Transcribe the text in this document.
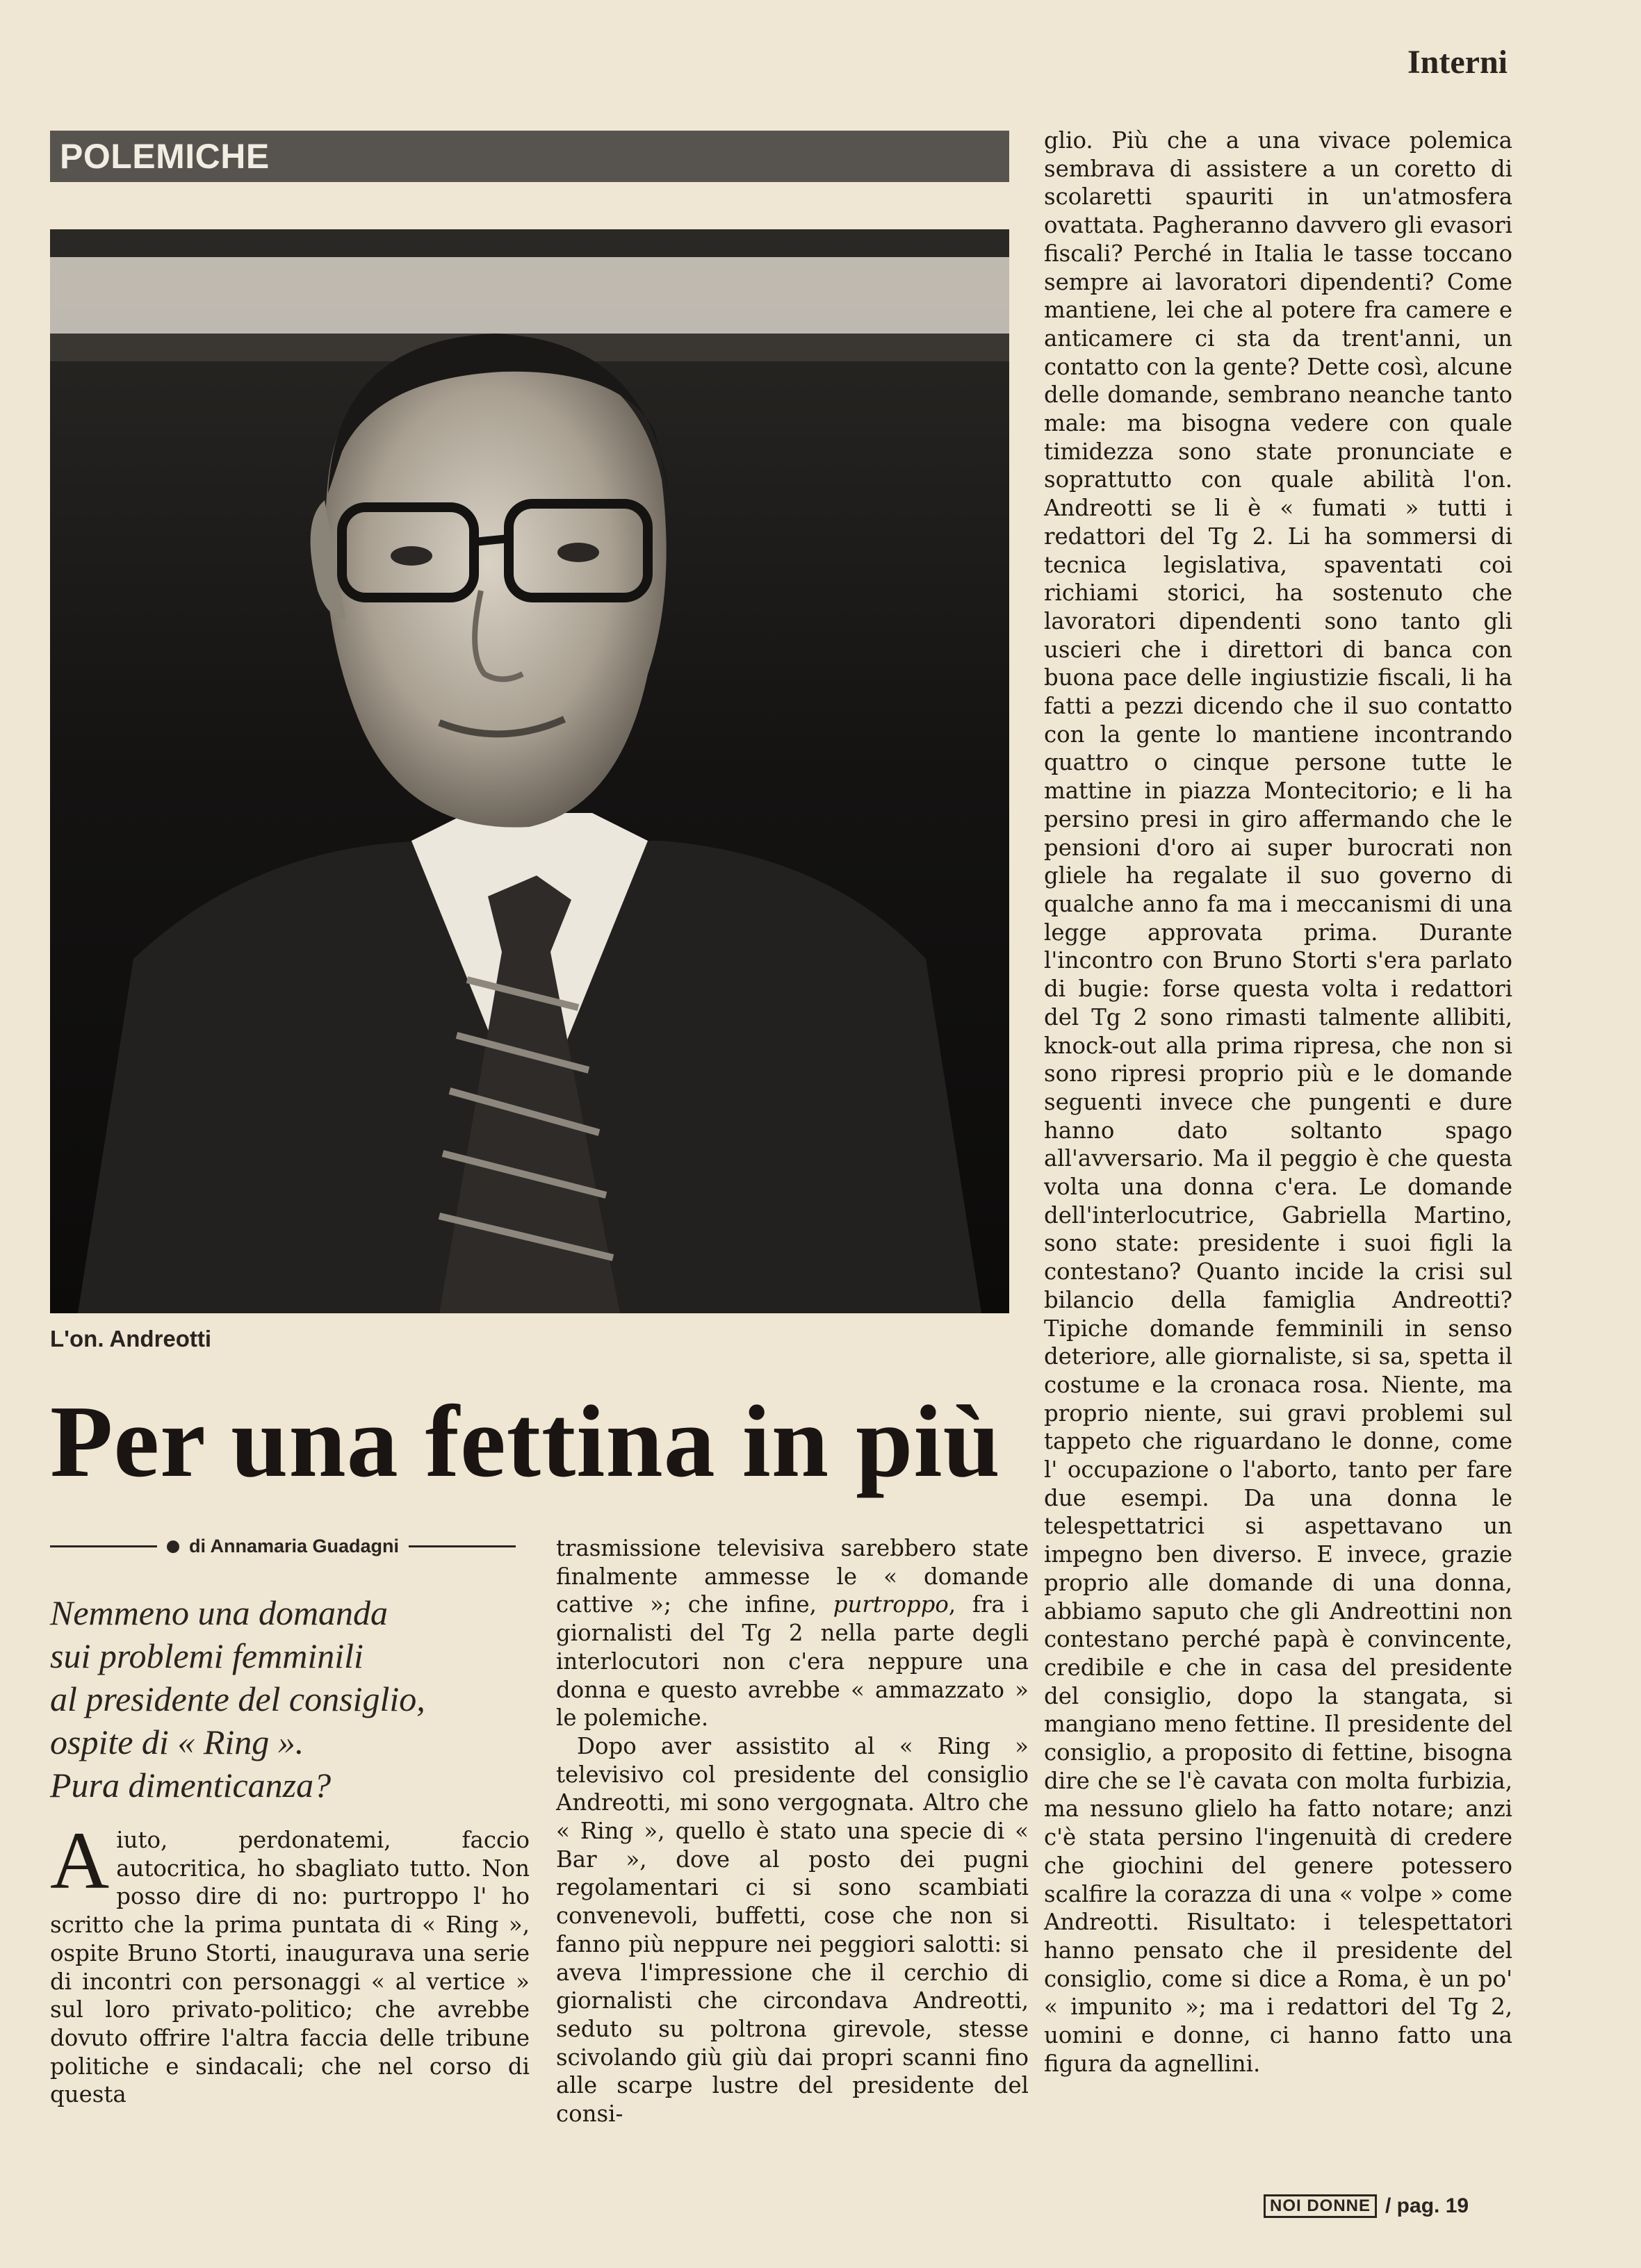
Interni
POLEMICHE
L'on. Andreotti
Per una fettina in più
di Annamaria Guadagni

Nemmeno una domanda

sui problemi femminili

al presidente del consiglio,

ospite di « Ring ».

Pura dimenticanza?

Aiuto, perdonatemi, faccio autocritica, ho sbagliato tutto. Non posso dire di no: purtroppo l' ho scritto che la prima puntata di « Ring », ospite Bruno Storti, inaugurava una serie di incontri con personaggi « al vertice » sul loro privato-politico; che avrebbe dovuto offrire l'altra faccia delle tribune politiche e sindacali; che nel corso di questa

trasmissione televisiva sarebbero state finalmente ammesse le « domande cattive »; che infine, purtroppo, fra i giornalisti del Tg 2 nella parte degli interlocutori non c'era neppure una donna e questo avrebbe « ammazzato » le polemiche.

Dopo aver assistito al « Ring » televisivo col presidente del consiglio Andreotti, mi sono vergognata. Altro che « Ring », quello è stato una specie di « Bar », dove al posto dei pugni regolamentari ci si sono scambiati convenevoli, buffetti, cose che non si fanno più neppure nei peggiori salotti: si aveva l'impressione che il cerchio di giornalisti che circondava Andreotti, seduto su poltrona girevole, stesse scivolando giù giù dai propri scanni fino alle scarpe lustre del presidente del consi-

glio. Più che a una vivace polemica sembrava di assistere a un coretto di scolaretti spauriti in un'atmosfera ovattata. Pagheranno davvero gli evasori fiscali? Perché in Italia le tasse toccano sempre ai lavoratori dipendenti? Come mantiene, lei che al potere fra camere e anticamere ci sta da trent'anni, un contatto con la gente? Dette così, alcune delle domande, sembrano neanche tanto male: ma bisogna vedere con quale timidezza sono state pronunciate e soprattutto con quale abilità l'on. Andreotti se li è « fumati » tutti i redattori del Tg 2. Li ha sommersi di tecnica legislativa, spaventati coi richiami storici, ha sostenuto che lavoratori dipendenti sono tanto gli uscieri che i direttori di banca con buona pace delle ingiustizie fiscali, li ha fatti a pezzi dicendo che il suo contatto con la gente lo mantiene incontrando quattro o cinque persone tutte le mattine in piazza Montecitorio; e li ha persino presi in giro affermando che le pensioni d'oro ai super burocrati non gliele ha regalate il suo governo di qualche anno fa ma i meccanismi di una legge approvata prima. Durante l'incontro con Bruno Storti s'era parlato di bugie: forse questa volta i redattori del Tg 2 sono rimasti talmente allibiti, knock-out alla prima ripresa, che non si sono ripresi proprio più e le domande seguenti invece che pungenti e dure hanno dato soltanto spago all'avversario. Ma il peggio è che questa volta una donna c'era. Le domande dell'interlocutrice, Gabriella Martino, sono state: presidente i suoi figli la contestano? Quanto incide la crisi sul bilancio della famiglia Andreotti? Tipiche domande femminili in senso deteriore, alle giornaliste, si sa, spetta il costume e la cronaca rosa. Niente, ma proprio niente, sui gravi problemi sul tappeto che riguardano le donne, come l' occupazione o l'aborto, tanto per fare due esempi. Da una donna le telespettatrici si aspettavano un impegno ben diverso. E invece, grazie proprio alle domande di una donna, abbiamo saputo che gli Andreottini non contestano perché papà è convincente, credibile e che in casa del presidente del consiglio, dopo la stangata, si mangiano meno fettine. Il presidente del consiglio, a proposito di fettine, bisogna dire che se l'è cavata con molta furbizia, ma nessuno glielo ha fatto notare; anzi c'è stata persino l'ingenuità di credere che giochini del genere potessero scalfire la corazza di una « volpe » come Andreotti. Risultato: i telespettatori hanno pensato che il presidente del consiglio, come si dice a Roma, è un po' « impunito »; ma i redattori del Tg 2, uomini e donne, ci hanno fatto una figura da agnellini.

NOI DONNE / pag. 19
